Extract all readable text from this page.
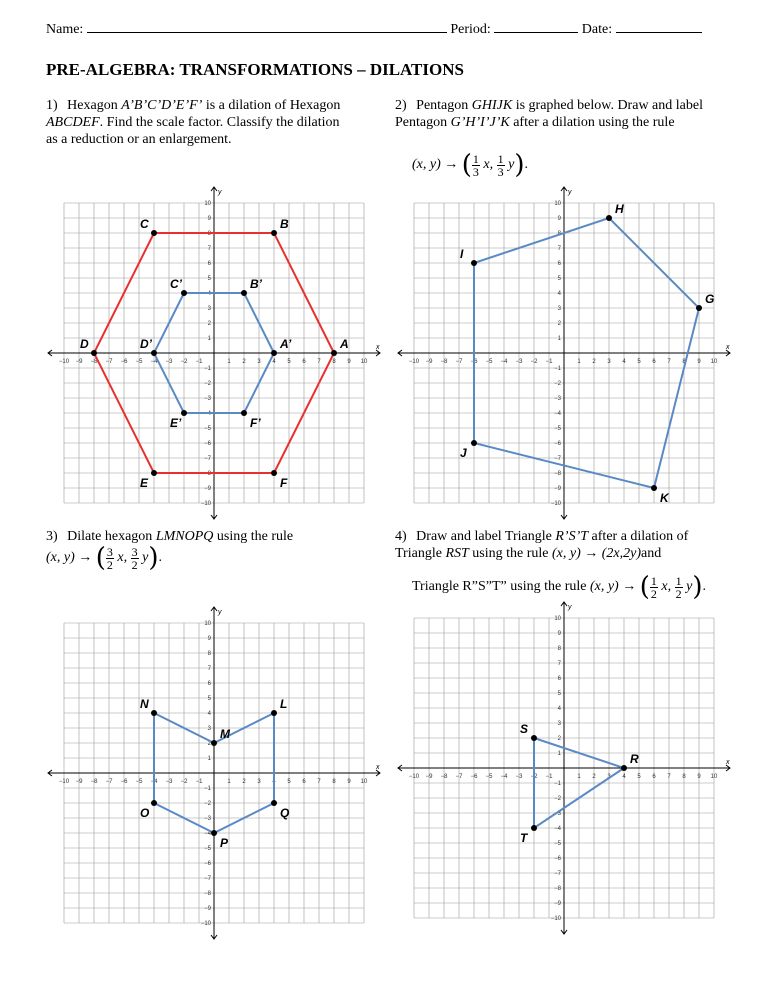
Name:	Period:	Date:
PRE-ALGEBRA: TRANSFORMATIONS – DILATIONS
1) Hexagon A’B’C’D’E’F’ is a dilation of Hexagon ABCDEF. Find the scale factor. Classify the dilation as a reduction or an enlargement.
2) Pentagon GHIJK is graphed below. Draw and label Pentagon G’H’I’J’K after a dilation using the rule
(x, y) → ( $\frac{1}{3} x$, $\frac{1}{3} y$).
3) Dilate hexagon LMNOPQ using the rule
(x, y) → ( $\frac{3}{2} x$, $\frac{3}{2} y$).
4) Draw and label Triangle R’S’T after a dilation of Triangle RST using the rule (x, y) → (2x,2y)and
Triangle R”S”T” using the rule (x, y) → ( $\frac{1}{2} x$, $\frac{1}{2} y$).
x
y
−10
−10
−9
−9
−8
−8
−7
−7
−6
−6
−5
−5
−4
−4
−3
−3
−2
−2
−1
−1
1
1
2
2
3
3
4
4
5
5
6
6
7
7
8
8
9
9
10
10
A
B
C
D
E	F
A’
B’
C’
D’
E’	F’
x
y
−10
−10
−9
−9
−8
−8
−7
−7
−6
−6
−5
−5
−4
−4
−3
−3
−2
−2
−1
−1
1
1
2
2
3
3
4
4
5
5
6
6
7
7
8
8
9
9
10
10	H
G
K
J
I
x
y
−10
−10
−9
−9
−8
−8
−7
−7
−6
−6
−5
−5
−4
−4
−3
−3
−2
−2
−1
−1
1
1
2
2
3
3
4
4
5
5
6
6
7
7
8
8
9
9
10
10
L
M
N
O
P
Q
x
y
−10
−10
−9
−9
−8
−8
−7
−7
−6
−6
−5
−5
−4
−4
−3
−3
−2
−2
−1
−1
1
1
2
2
3
3
4
4
5
5
6
6
7
7
8
8
9
9
10
10
S
R
T
